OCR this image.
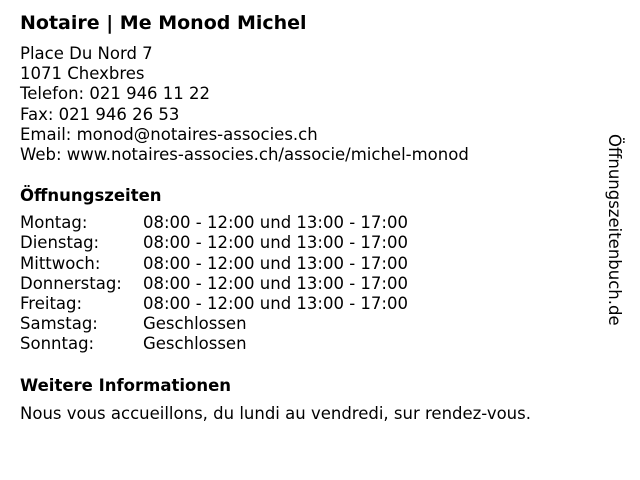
Notaire | Me Monod Michel
Place Du Nord 7
1071 Chexbres
Telefon: 021 946 11 22
Fax: 021 946 26 53
Email: monod@notaires-associes.ch
Web: www.notaires-associes.ch/associe/michel-monod
Öffnungszeiten
Montag:	08:00 - 12:00 und 13:00 - 17:00
Dienstag:	08:00 - 12:00 und 13:00 - 17:00
Mittwoch:	08:00 - 12:00 und 13:00 - 17:00
Donnerstag:	08:00 - 12:00 und 13:00 - 17:00
Freitag:	08:00 - 12:00 und 13:00 - 17:00
Samstag:	Geschlossen
Sonntag:	Geschlossen
Weitere Informationen
Nous vous accueillons, du lundi au vendredi, sur rendez-vous.
Öffnungszeitenbuch.de
